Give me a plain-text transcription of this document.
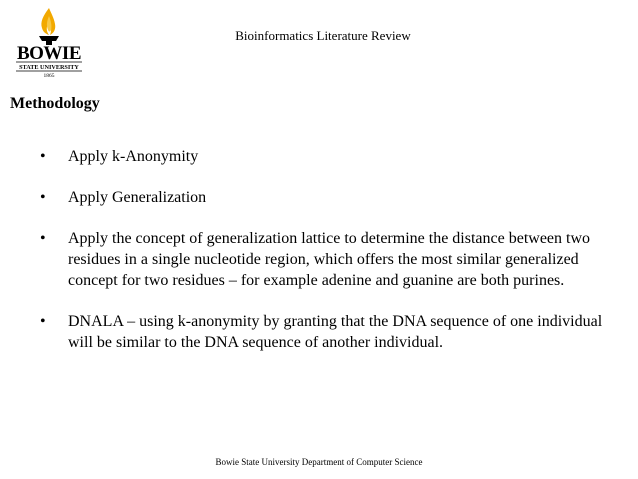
BOWIE
STATE UNIVERSITY
1865
Bioinformatics Literature Review
Methodology
• Apply k-Anonymity
• Apply Generalization
• Apply the concept of generalization lattice to determine the distance between two residues in a single nucleotide region, which offers the most similar generalized concept for two residues – for example adenine and guanine are both purines.
• DNALA – using k-anonymity by granting that the DNA sequence of one individual will be similar to the DNA sequence of another individual.
Bowie State University Department of Computer Science
